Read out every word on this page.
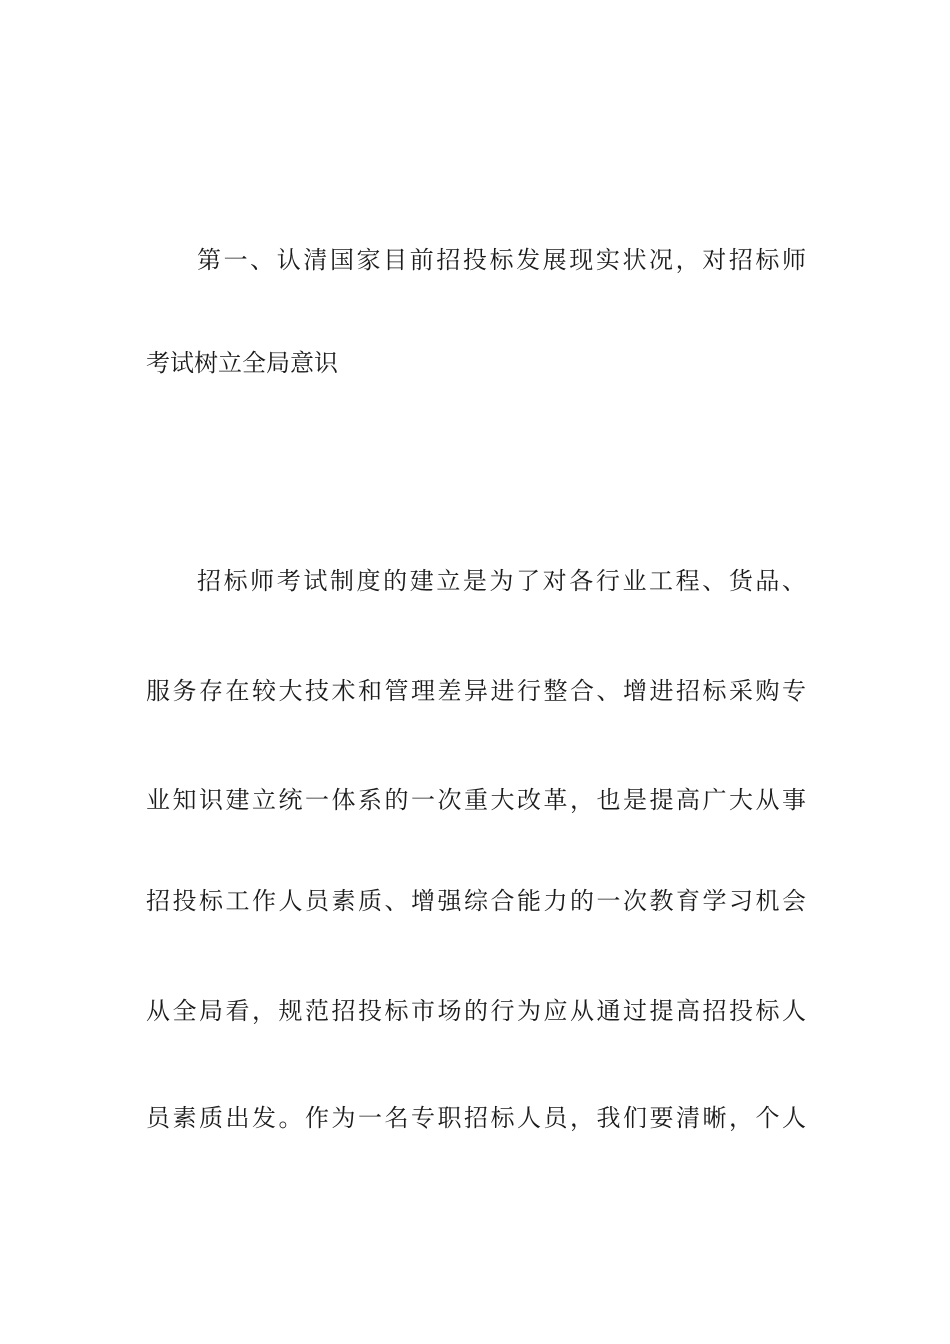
第一、认清国家目前招投标发展现实状况，对招标师
考试树立全局意识
招标师考试制度的建立是为了对各行业工程、货品、
服务存在较大技术和管理差异进行整合、增进招标采购专
业知识建立统一体系的一次重大改革，也是提高广大从事
招投标工作人员素质、增强综合能力的一次教育学习机会
从全局看，规范招投标市场的行为应从通过提高招投标人
员素质出发。作为一名专职招标人员，我们要清晰，个人
